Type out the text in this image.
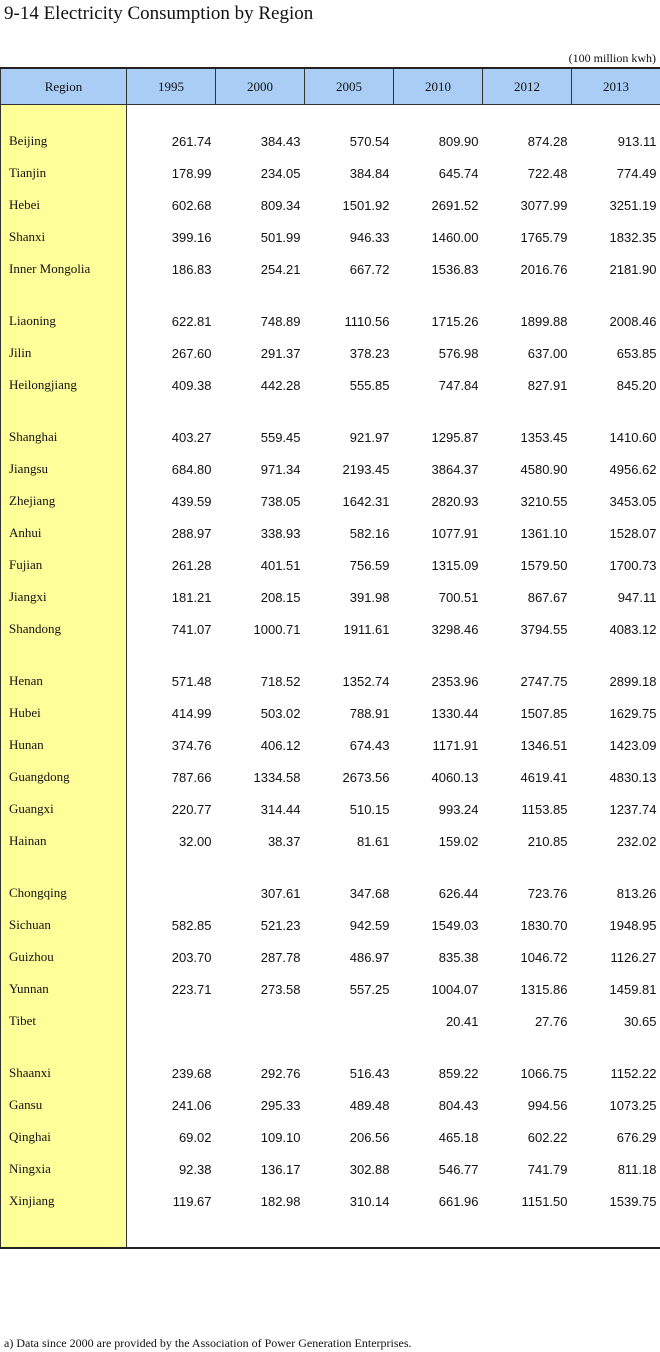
9-14 Electricity Consumption by Region
(100 million kwh)
Region	1995	2000	2005	2010	2012	2013

Beijing	261.74	384.43	570.54	809.90	874.28	913.11
Tianjin	178.99	234.05	384.84	645.74	722.48	774.49
Hebei	602.68	809.34	1501.92	2691.52	3077.99	3251.19
Shanxi	399.16	501.99	946.33	1460.00	1765.79	1832.35
Inner Mongolia	186.83	254.21	667.72	1536.83	2016.76	2181.90

Liaoning	622.81	748.89	1110.56	1715.26	1899.88	2008.46
Jilin	267.60	291.37	378.23	576.98	637.00	653.85
Heilongjiang	409.38	442.28	555.85	747.84	827.91	845.20

Shanghai	403.27	559.45	921.97	1295.87	1353.45	1410.60
Jiangsu	684.80	971.34	2193.45	3864.37	4580.90	4956.62
Zhejiang	439.59	738.05	1642.31	2820.93	3210.55	3453.05
Anhui	288.97	338.93	582.16	1077.91	1361.10	1528.07
Fujian	261.28	401.51	756.59	1315.09	1579.50	1700.73
Jiangxi	181.21	208.15	391.98	700.51	867.67	947.11
Shandong	741.07	1000.71	1911.61	3298.46	3794.55	4083.12

Henan	571.48	718.52	1352.74	2353.96	2747.75	2899.18
Hubei	414.99	503.02	788.91	1330.44	1507.85	1629.75
Hunan	374.76	406.12	674.43	1171.91	1346.51	1423.09
Guangdong	787.66	1334.58	2673.56	4060.13	4619.41	4830.13
Guangxi	220.77	314.44	510.15	993.24	1153.85	1237.74
Hainan	32.00	38.37	81.61	159.02	210.85	232.02

Chongqing		307.61	347.68	626.44	723.76	813.26
Sichuan	582.85	521.23	942.59	1549.03	1830.70	1948.95
Guizhou	203.70	287.78	486.97	835.38	1046.72	1126.27
Yunnan	223.71	273.58	557.25	1004.07	1315.86	1459.81
Tibet				20.41	27.76	30.65

Shaanxi	239.68	292.76	516.43	859.22	1066.75	1152.22
Gansu	241.06	295.33	489.48	804.43	994.56	1073.25
Qinghai	69.02	109.10	206.56	465.18	602.22	676.29
Ningxia	92.38	136.17	302.88	546.77	741.79	811.18
Xinjiang	119.67	182.98	310.14	661.96	1151.50	1539.75

a) Data since 2000 are provided by the Association of Power Generation Enterprises.
